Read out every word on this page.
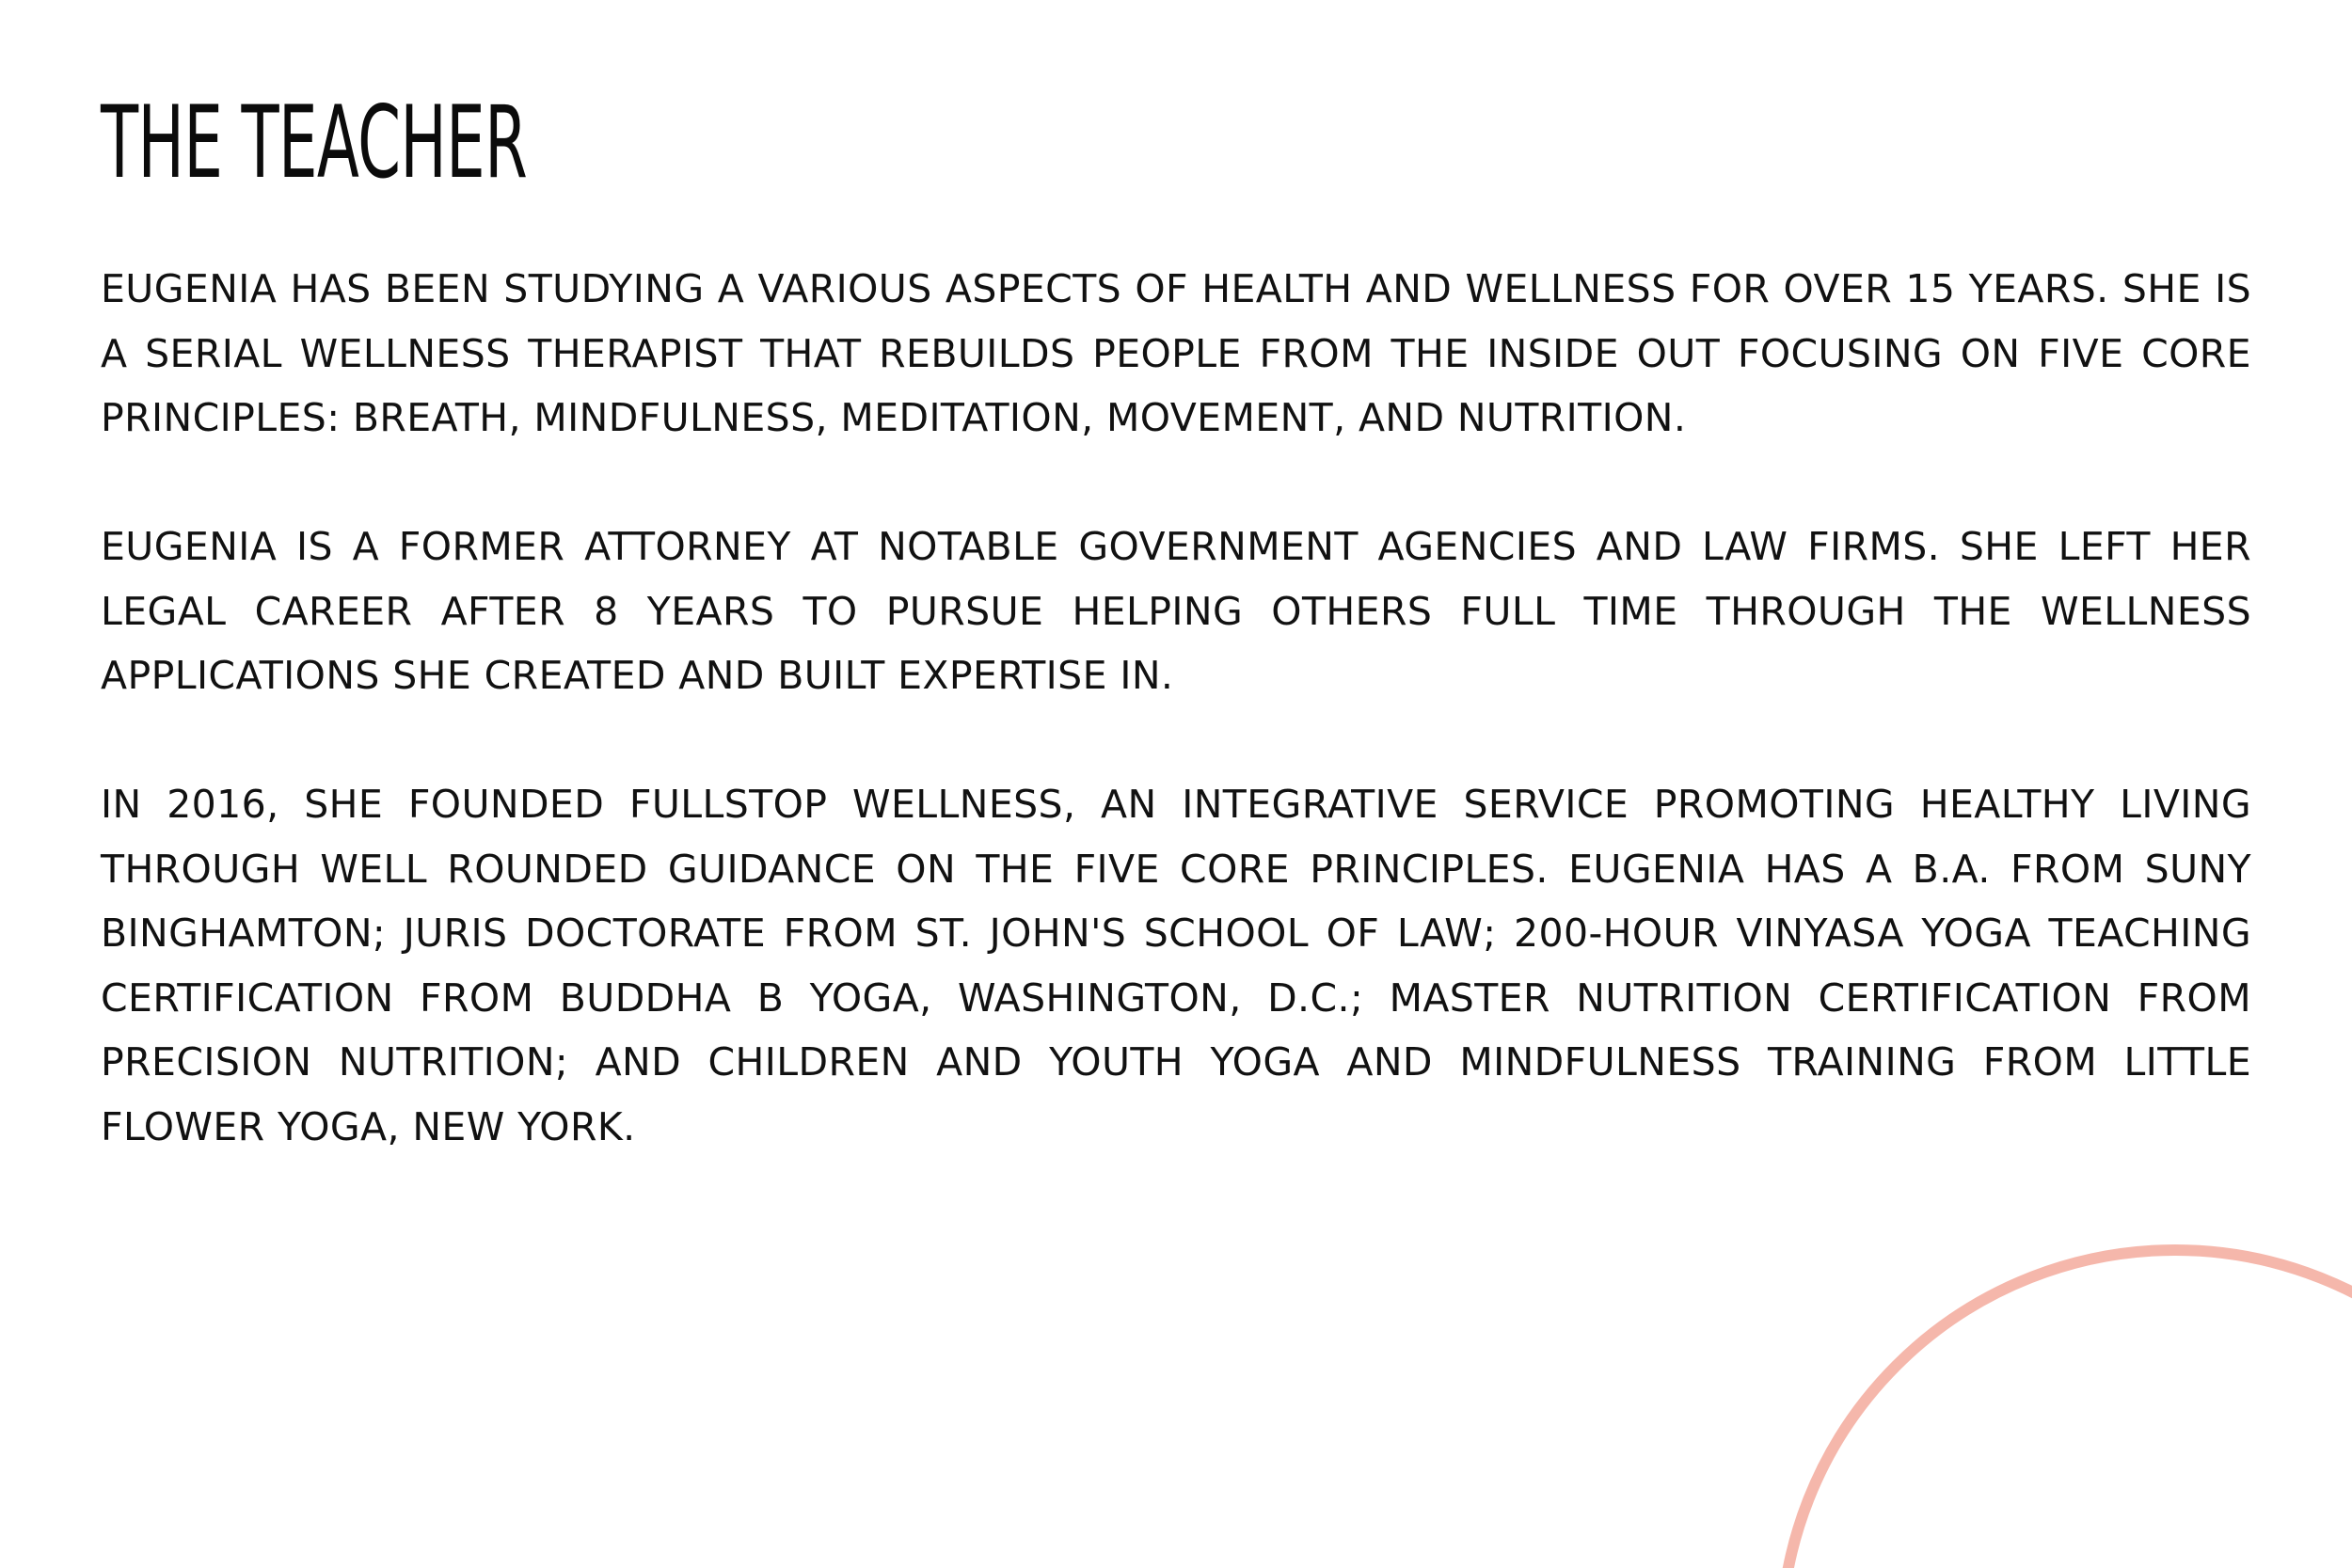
THE TEACHER

EUGENIA HAS BEEN STUDYING A VARIOUS ASPECTS OF HEALTH AND WELLNESS FOR OVER 15 YEARS. SHE IS A SERIAL WELLNESS THERAPIST THAT REBUILDS PEOPLE FROM THE INSIDE OUT FOCUSING ON FIVE CORE PRINCIPLES: BREATH, MINDFULNESS, MEDITATION, MOVEMENT, AND NUTRITION.

EUGENIA IS A FORMER ATTORNEY AT NOTABLE GOVERNMENT AGENCIES AND LAW FIRMS. SHE LEFT HER LEGAL CAREER AFTER 8 YEARS TO PURSUE HELPING OTHERS FULL TIME THROUGH THE WELLNESS APPLICATIONS SHE CREATED AND BUILT EXPERTISE IN.

IN 2016, SHE FOUNDED FULLSTOP WELLNESS, AN INTEGRATIVE SERVICE PROMOTING HEALTHY LIVING THROUGH WELL ROUNDED GUIDANCE ON THE FIVE CORE PRINCIPLES. EUGENIA HAS A B.A. FROM SUNY BINGHAMTON; JURIS DOCTORATE FROM ST. JOHN'S SCHOOL OF LAW; 200-HOUR VINYASA YOGA TEACHING CERTIFICATION FROM BUDDHA B YOGA, WASHINGTON, D.C.; MASTER NUTRITION CERTIFICATION FROM PRECISION NUTRITION; AND CHILDREN AND YOUTH YOGA AND MINDFULNESS TRAINING FROM LITTLE FLOWER YOGA, NEW YORK.
